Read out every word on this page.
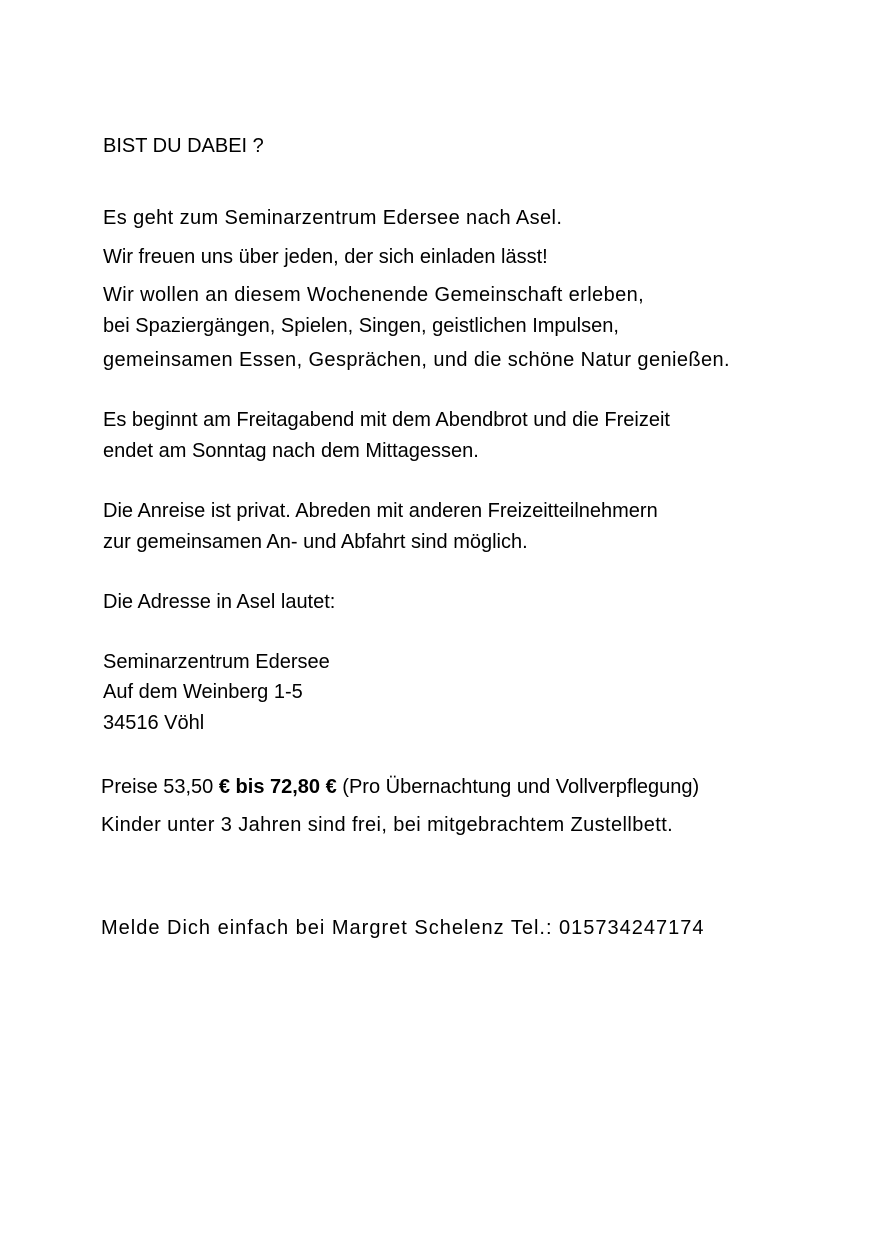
BIST DU DABEI ?
Es geht zum Seminarzentrum Edersee nach Asel.
Wir freuen uns über jeden, der sich einladen lässt!
Wir wollen an diesem Wochenende Gemeinschaft erleben,
bei Spaziergängen, Spielen, Singen, geistlichen Impulsen,
gemeinsamen Essen, Gesprächen, und die schöne Natur genießen.
Es beginnt am Freitagabend mit dem Abendbrot und die Freizeit
endet am Sonntag nach dem Mittagessen.
Die Anreise ist privat. Abreden mit anderen Freizeitteilnehmern
zur gemeinsamen An- und Abfahrt sind möglich.
Die Adresse in Asel lautet:
Seminarzentrum Edersee
Auf dem Weinberg 1-5
34516 Vöhl
Preise 53,50 € bis 72,80 € (Pro Übernachtung und Vollverpflegung)
Kinder unter 3 Jahren sind frei, bei mitgebrachtem Zustellbett.
Melde Dich einfach bei Margret Schelenz Tel.: 015734247174
